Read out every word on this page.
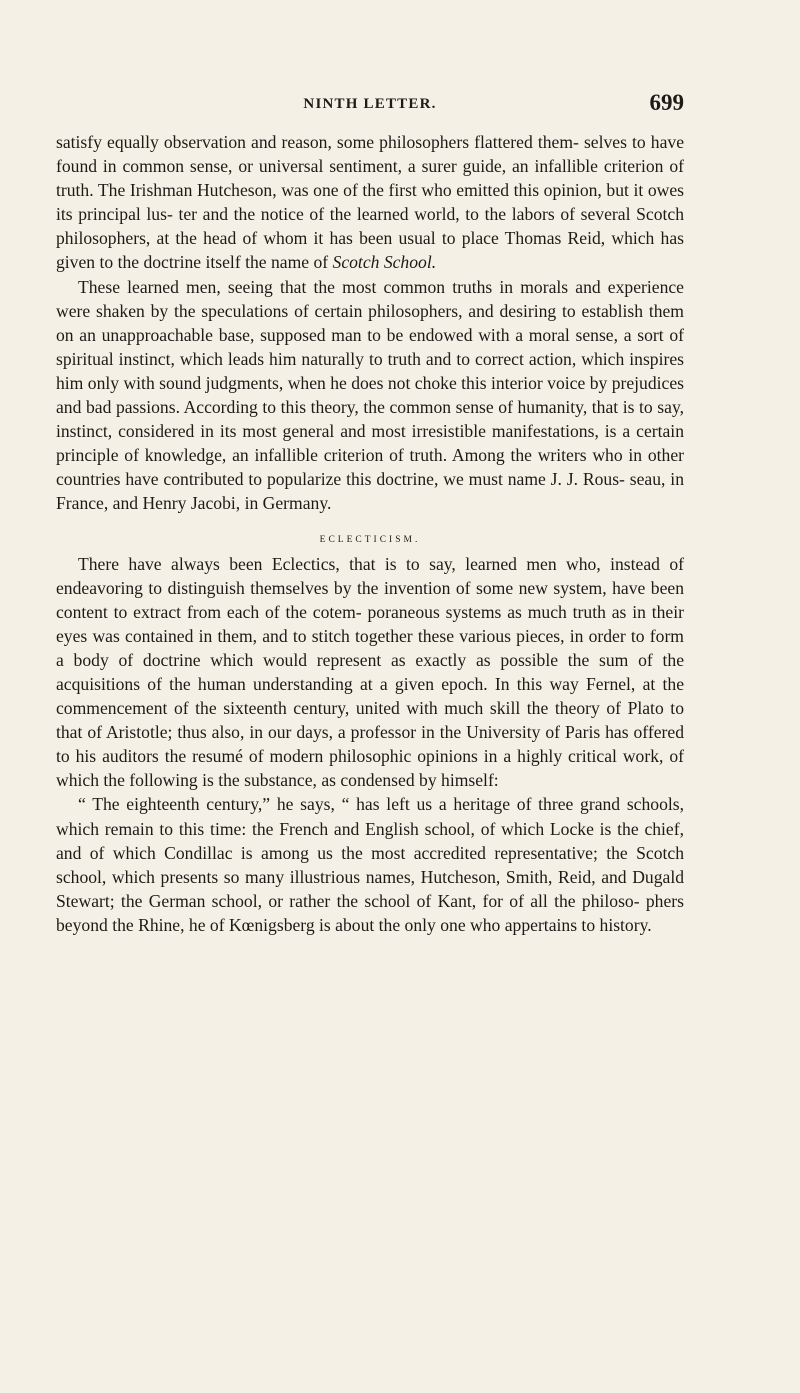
NINTH LETTER.	699

satisfy equally observation and reason, some philosophers flattered them- selves to have found in common sense, or universal sentiment, a surer guide, an infallible criterion of truth. The Irishman Hutcheson, was one of the first who emitted this opinion, but it owes its principal lus- ter and the notice of the learned world, to the labors of several Scotch philosophers, at the head of whom it has been usual to place Thomas Reid, which has given to the doctrine itself the name of Scotch School.

These learned men, seeing that the most common truths in morals and experience were shaken by the speculations of certain philosophers, and desiring to establish them on an unapproachable base, supposed man to be endowed with a moral sense, a sort of spiritual instinct, which leads him naturally to truth and to correct action, which inspires him only with sound judgments, when he does not choke this interior voice by prejudices and bad passions. According to this theory, the common sense of humanity, that is to say, instinct, considered in its most general and most irresistible manifestations, is a certain principle of knowledge, an infallible criterion of truth. Among the writers who in other countries have contributed to popularize this doctrine, we must name J. J. Rous- seau, in France, and Henry Jacobi, in Germany.

ECLECTICISM.

There have always been Eclectics, that is to say, learned men who, instead of endeavoring to distinguish themselves by the invention of some new system, have been content to extract from each of the cotem- poraneous systems as much truth as in their eyes was contained in them, and to stitch together these various pieces, in order to form a body of doctrine which would represent as exactly as possible the sum of the acquisitions of the human understanding at a given epoch. In this way Fernel, at the commencement of the sixteenth century, united with much skill the theory of Plato to that of Aristotle; thus also, in our days, a professor in the University of Paris has offered to his auditors the resumé of modern philosophic opinions in a highly critical work, of which the following is the substance, as condensed by himself:

“ The eighteenth century,” he says, “ has left us a heritage of three grand schools, which remain to this time: the French and English school, of which Locke is the chief, and of which Condillac is among us the most accredited representative; the Scotch school, which presents so many illustrious names, Hutcheson, Smith, Reid, and Dugald Stewart; the German school, or rather the school of Kant, for of all the philoso- phers beyond the Rhine, he of Kœnigsberg is about the only one who appertains to history.
